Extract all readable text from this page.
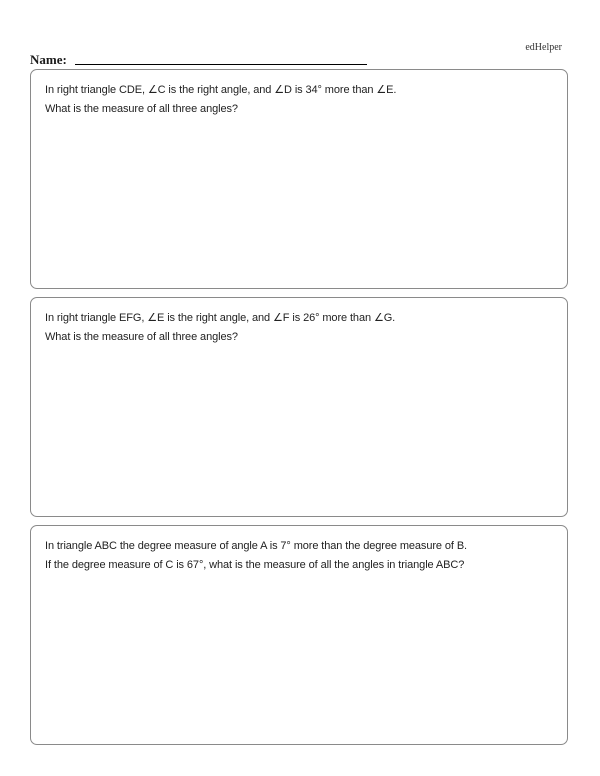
edHelper
Name:

In right triangle CDE, ∠C is the right angle, and ∠D is 34° more than ∠E.

What is the measure of all three angles?

In right triangle EFG, ∠E is the right angle, and ∠F is 26° more than ∠G.

What is the measure of all three angles?

In triangle ABC the degree measure of angle A is 7° more than the degree measure of B.

If the degree measure of C is 67°, what is the measure of all the angles in triangle ABC?
